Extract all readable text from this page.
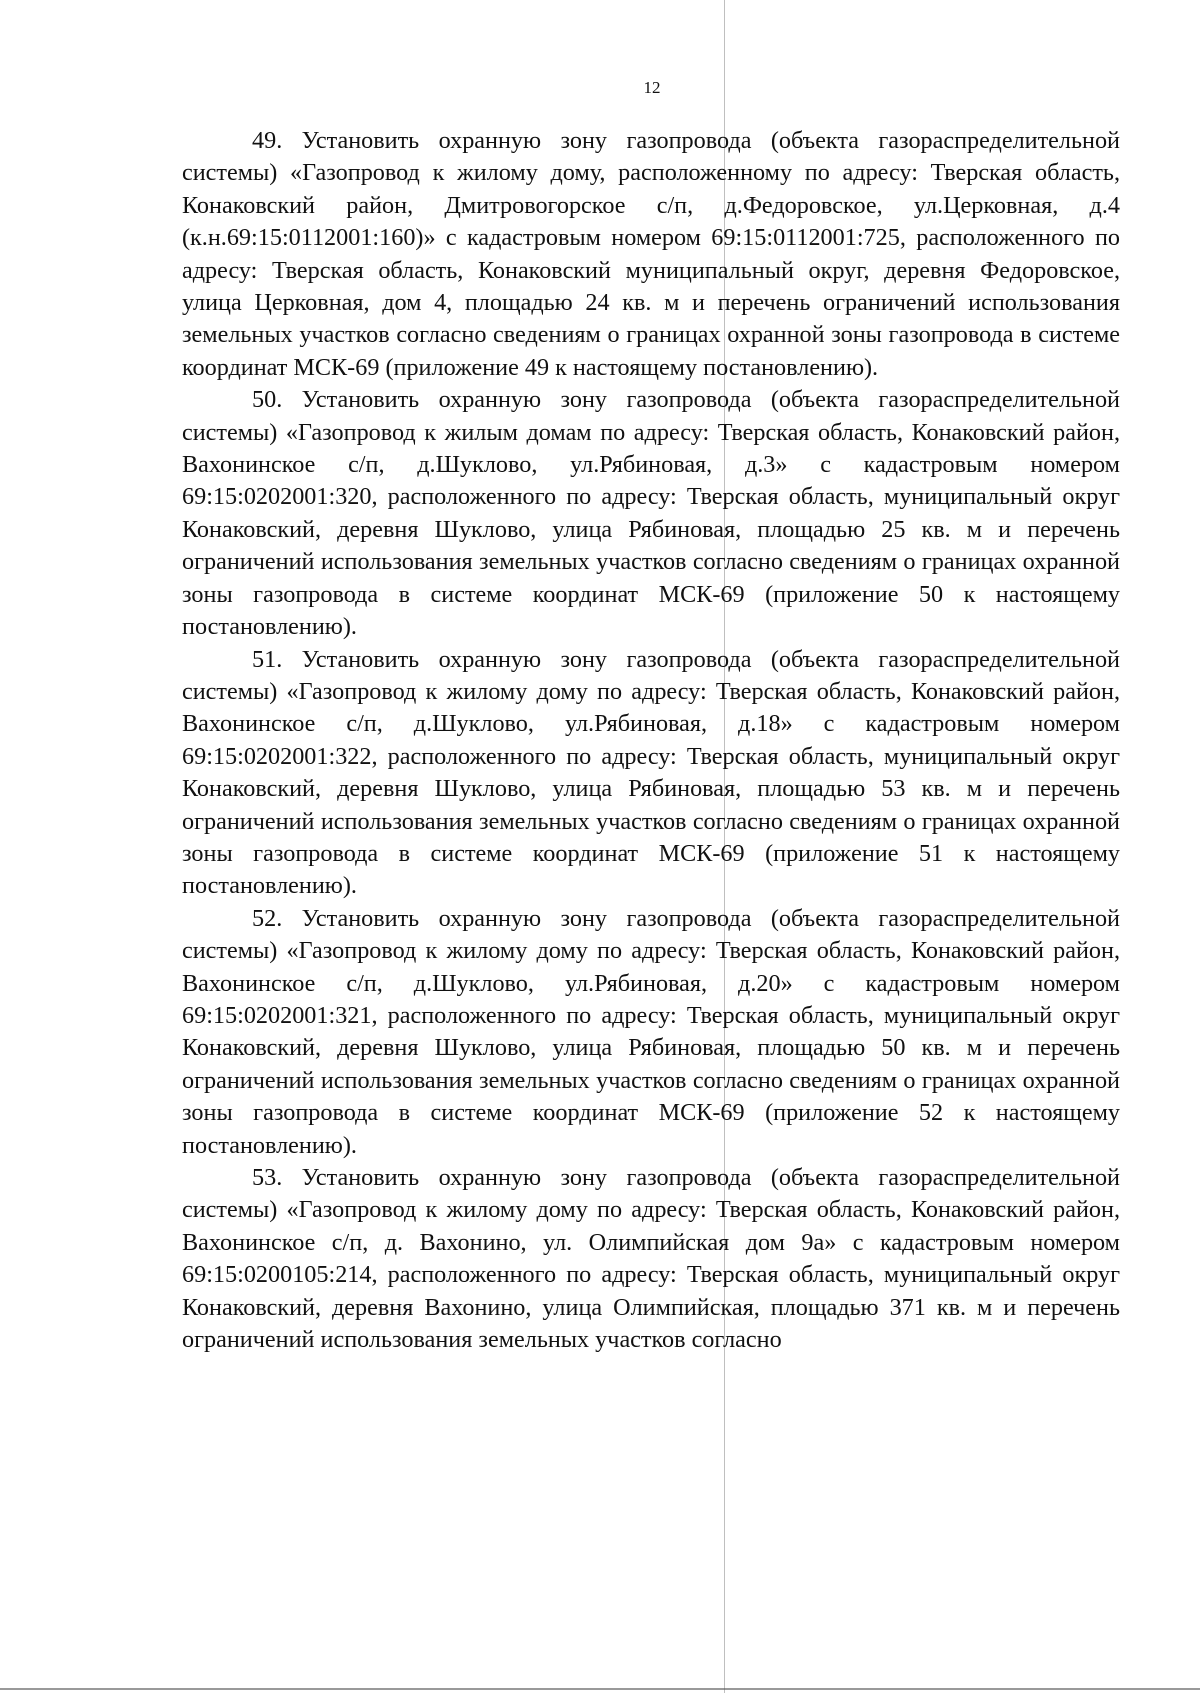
12

49. Установить охранную зону газопровода (объекта газораспределительной системы) «Газопровод к жилому дому, расположенному по адресу: Тверская область, Конаковский район, Дмитровогорское с/п, д.Федоровское, ул.Церковная, д.4 (к.н.69:15:0112001:160)» с кадастровым номером 69:15:0112001:725, расположенного по адресу: Тверская область, Конаковский муниципальный округ, деревня Федоровское, улица Церковная, дом 4, площадью 24 кв. м и перечень ограничений использования земельных участков согласно сведениям о границах охранной зоны газопровода в системе координат МСК-69 (приложение 49 к настоящему постановлению).

50. Установить охранную зону газопровода (объекта газораспределительной системы) «Газопровод к жилым домам по адресу: Тверская область, Конаковский район, Вахонинское с/п, д.Шуклово, ул.Рябиновая, д.3» с кадастровым номером 69:15:0202001:320, расположенного по адресу: Тверская область, муниципальный округ Конаковский, деревня Шуклово, улица Рябиновая, площадью 25 кв. м и перечень ограничений использования земельных участков согласно сведениям о границах охранной зоны газопровода в системе координат МСК-69 (приложение 50 к настоящему постановлению).

51. Установить охранную зону газопровода (объекта газораспределительной системы) «Газопровод к жилому дому по адресу: Тверская область, Конаковский район, Вахонинское с/п, д.Шуклово, ул.Рябиновая, д.18» с кадастровым номером 69:15:0202001:322, расположенного по адресу: Тверская область, муниципальный округ Конаковский, деревня Шуклово, улица Рябиновая, площадью 53 кв. м и перечень ограничений использования земельных участков согласно сведениям о границах охранной зоны газопровода в системе координат МСК-69 (приложение 51 к настоящему постановлению).

52. Установить охранную зону газопровода (объекта газораспределительной системы) «Газопровод к жилому дому по адресу: Тверская область, Конаковский район, Вахонинское с/п, д.Шуклово, ул.Рябиновая, д.20» с кадастровым номером 69:15:0202001:321, расположенного по адресу: Тверская область, муниципальный округ Конаковский, деревня Шуклово, улица Рябиновая, площадью 50 кв. м и перечень ограничений использования земельных участков согласно сведениям о границах охранной зоны газопровода в системе координат МСК-69 (приложение 52 к настоящему постановлению).

53. Установить охранную зону газопровода (объекта газораспределительной системы) «Газопровод к жилому дому по адресу: Тверская область, Конаковский район, Вахонинское с/п, д. Вахонино, ул. Олимпийская дом 9а» с кадастровым номером 69:15:0200105:214, расположенного по адресу: Тверская область, муниципальный округ Конаковский, деревня Вахонино, улица Олимпийская, площадью 371 кв. м и перечень ограничений использования земельных участков согласно
